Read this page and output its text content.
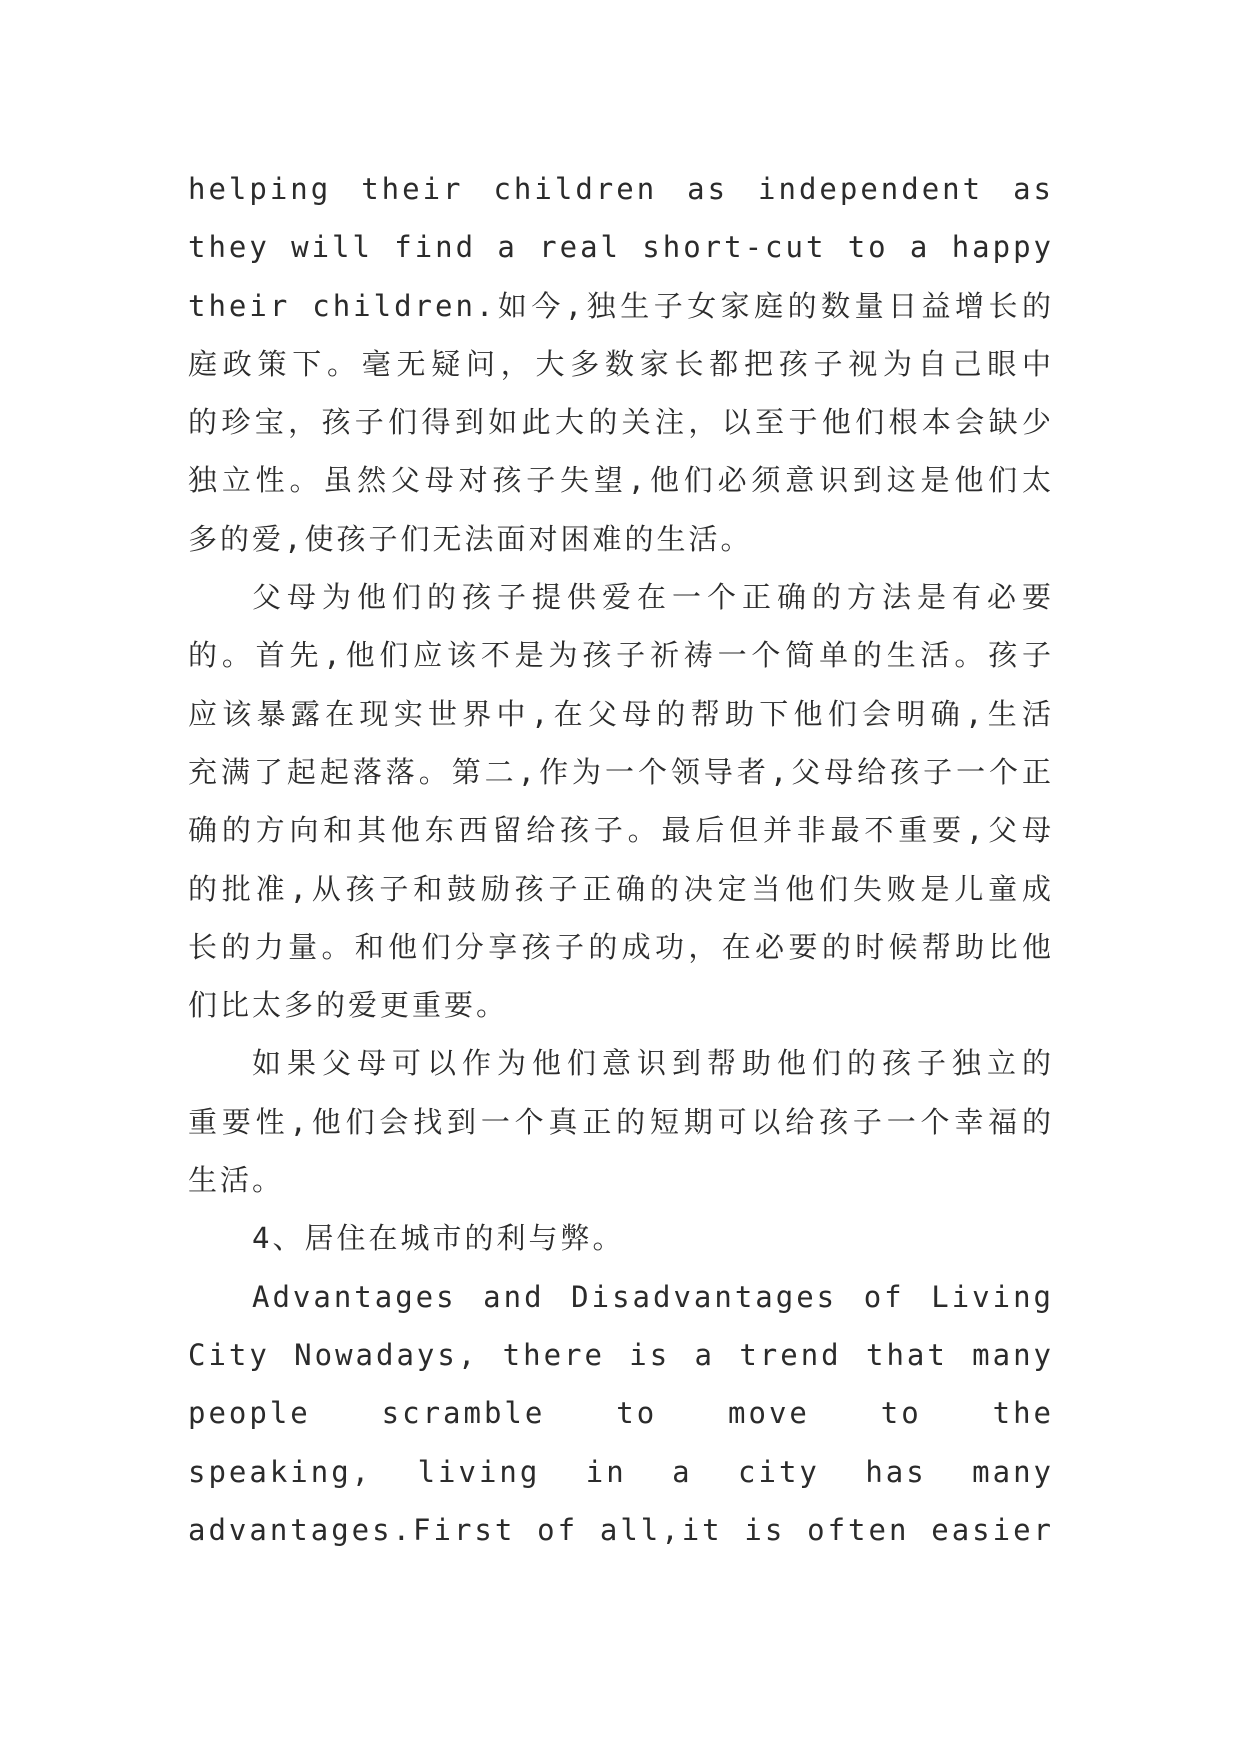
helping their children as independent as
they will find a real short-cut to a happy
their children.如今,独生子女家庭的数量日益增长的
庭政策下。毫无疑问，大多数家长都把孩子视为自己眼中
的珍宝，孩子们得到如此大的关注，以至于他们根本会缺少
独立性。虽然父母对孩子失望,他们必须意识到这是他们太
多的爱,使孩子们无法面对困难的生活。
父母为他们的孩子提供爱在一个正确的方法是有必要
的。首先,他们应该不是为孩子祈祷一个简单的生活。孩子
应该暴露在现实世界中,在父母的帮助下他们会明确,生活
充满了起起落落。第二,作为一个领导者,父母给孩子一个正
确的方向和其他东西留给孩子。最后但并非最不重要,父母
的批准,从孩子和鼓励孩子正确的决定当他们失败是儿童成
长的力量。和他们分享孩子的成功，在必要的时候帮助比他
们比太多的爱更重要。
如果父母可以作为他们意识到帮助他们的孩子独立的
重要性,他们会找到一个真正的短期可以给孩子一个幸福的
生活。
4、居住在城市的利与弊。
Advantages and Disadvantages of Living
City Nowadays, there is a trend that many
people scramble to move to the
speaking, living in a city has many
advantages.First of all,it is often easier
